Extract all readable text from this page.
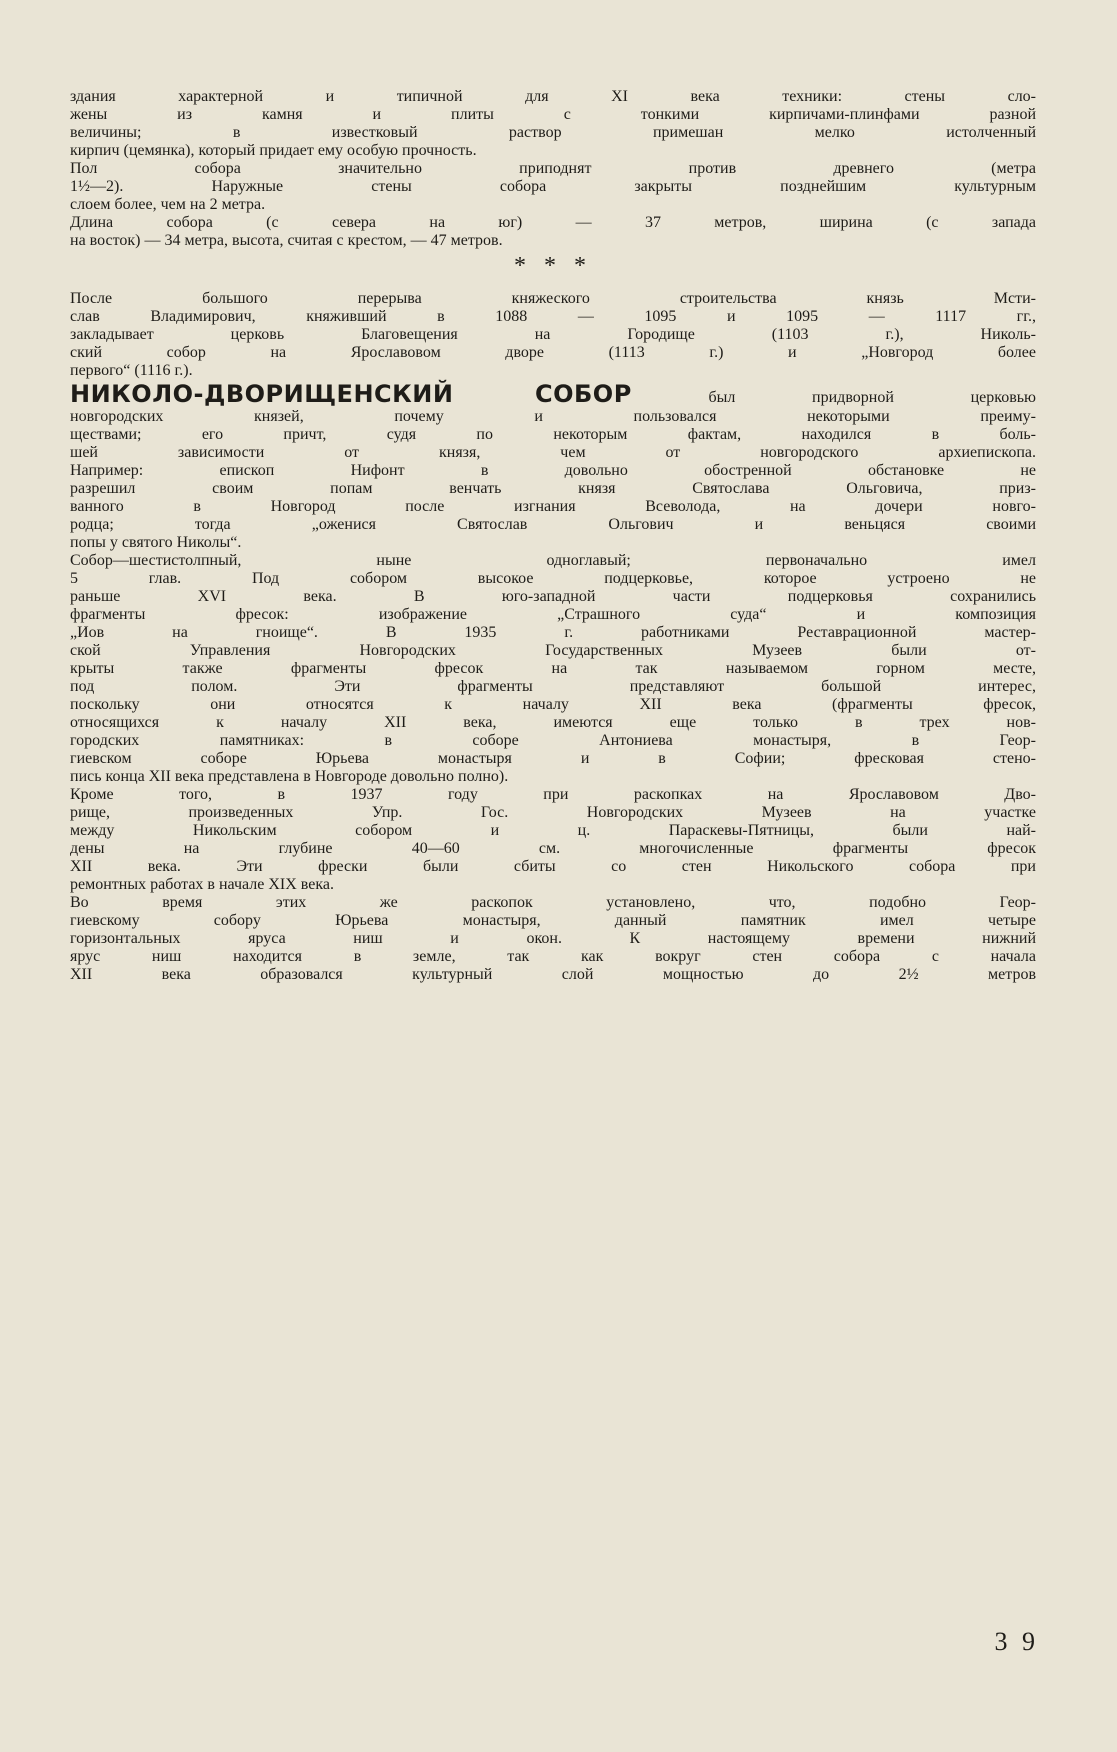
здания характерной и типичной для XI века техники: стены сло-
жены из камня и плиты с тонкими кирпичами-плинфами разной
величины; в известковый раствор примешан мелко истолченный
кирпич (цемянка), который придает ему особую прочность.
Пол собора значительно приподнят против древнего (метра
1½—2). Наружные стены собора закрыты позднейшим культурным
слоем более, чем на 2 метра.
Длина собора (с севера на юг) — 37 метров, ширина (с запада
на восток) — 34 метра, высота, считая с крестом, — 47 метров.
* * *
После большого перерыва княжеского строительства князь Мсти-
слав Владимирович, княживший в 1088 — 1095 и 1095 — 1117 гг.,
закладывает церковь Благовещения на Городище (1103 г.), Николь-
ский собор на Ярославовом дворе (1113 г.) и „Новгород более
первого“ (1116 г.).
НИКОЛО-ДВОРИЩЕНСКИЙ СОБОР	был придворной церковью
новгородских князей, почему и пользовался некоторыми преиму-
ществами; его причт, судя по некоторым фактам, находился в боль-
шей зависимости от князя, чем от новгородского архиепископа.
Например: епископ Нифонт в довольно обостренной обстановке не
разрешил своим попам венчать князя Святослава Ольговича, приз-
ванного в Новгород после изгнания Всеволода, на дочери новго-
родца; тогда „оженися Святослав Ольгович и веньцяся своими
попы у святого Николы“.
Собор—шестистолпный, ныне одноглавый; первоначально имел
5 глав. Под собором высокое подцерковье, которое устроено не
раньше XVI века. В юго-западной части подцерковья сохранились
фрагменты фресок: изображение „Страшного суда“ и композиция
„Иов на гноище“. В 1935 г. работниками Реставрационной мастер-
ской Управления Новгородских Государственных Музеев были от-
крыты также фрагменты фресок на так называемом горном месте,
под полом. Эти фрагменты представляют большой интерес,
поскольку они относятся к началу XII века (фрагменты фресок,
относящихся к началу XII века, имеются еще только в трех нов-
городских памятниках: в соборе Антониева монастыря, в Геор-
гиевском соборе Юрьева монастыря и в Софии; фресковая стено-
пись конца XII века представлена в Новгороде довольно полно).
Кроме того, в 1937 году при раскопках на Ярославовом Дво-
рище, произведенных Упр. Гос. Новгородских Музеев на участке
между Никольским собором и ц. Параскевы-Пятницы, были най-
дены на глубине 40—60 см. многочисленные фрагменты фресок
XII века. Эти фрески были сбиты со стен Никольского собора при
ремонтных работах в начале XIX века.
Во время этих же раскопок установлено, что, подобно Геор-
гиевскому собору Юрьева монастыря, данный памятник имел четыре
горизонтальных яруса ниш и окон. К настоящему времени нижний
ярус ниш находится в земле, так как вокруг стен собора с начала
XII века образовался культурный слой мощностью до 2½ метров
3 9
